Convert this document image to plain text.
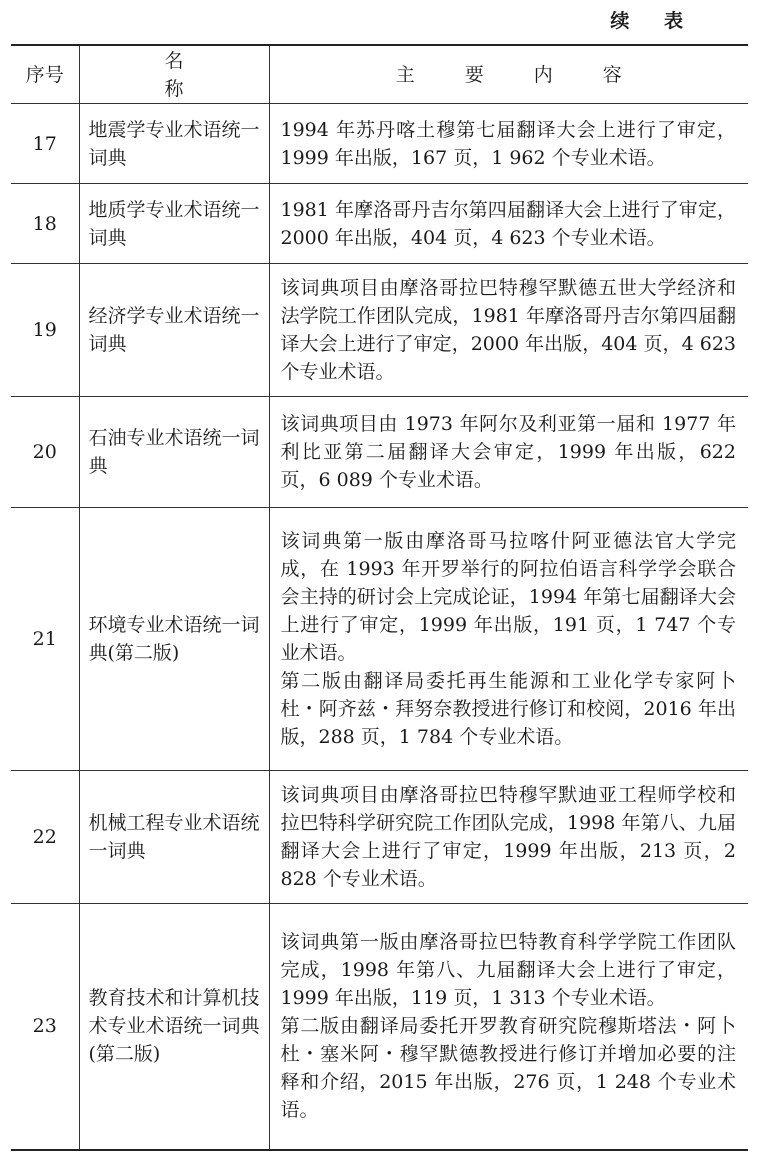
续 表
序号	名 称	主 要 内 容
17	地震学专业术语统一词典	1994 年苏丹喀土穆第七届翻译大会上进行了审定，1999 年出版，167 页，1 962 个专业术语。

18	地质学专业术语统一词典	1981 年摩洛哥丹吉尔第四届翻译大会上进行了审定，2000 年出版，404 页，4 623 个专业术语。

19	经济学专业术语统一词典	该词典项目由摩洛哥拉巴特穆罕默德五世大学经济和法学院工作团队完成，1981 年摩洛哥丹吉尔第四届翻译大会上进行了审定，2000 年出版，404 页，4 623 个专业术语。

20	石油专业术语统一词典	该词典项目由 1973 年阿尔及利亚第一届和 1977 年利比亚第二届翻译大会审定，1999 年出版，622 页，6 089 个专业术语。

21	环境专业术语统一词典(第二版)	该词典第一版由摩洛哥马拉喀什阿亚德法官大学完成，在 1993 年开罗举行的阿拉伯语言科学学会联合会主持的研讨会上完成论证，1994 年第七届翻译大会上进行了审定，1999 年出版，191 页，1 747 个专业术语。
第二版由翻译局委托再生能源和工业化学专家阿卜杜・阿齐兹・拜努奈教授进行修订和校阅，2016 年出版，288 页，1 784 个专业术语。

22	机械工程专业术语统一词典	该词典项目由摩洛哥拉巴特穆罕默迪亚工程师学校和拉巴特科学研究院工作团队完成，1998 年第八、九届翻译大会上进行了审定，1999 年出版，213 页，2 828 个专业术语。

23	教育技术和计算机技术专业术语统一词典(第二版)	该词典第一版由摩洛哥拉巴特教育科学学院工作团队完成，1998 年第八、九届翻译大会上进行了审定，1999 年出版，119 页，1 313 个专业术语。
第二版由翻译局委托开罗教育研究院穆斯塔法・阿卜杜・塞米阿・穆罕默德教授进行修订并增加必要的注释和介绍，2015 年出版，276 页，1 248 个专业术语。
